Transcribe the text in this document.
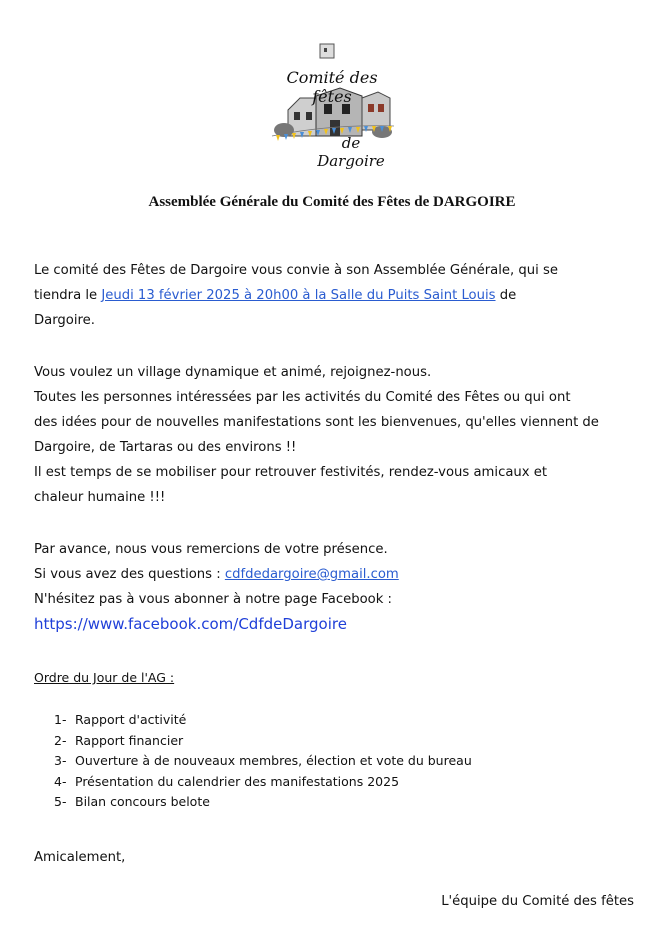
Comité des fêtes
de Dargoire
Assemblée Générale du Comité des Fêtes de DARGOIRE

Le comité des Fêtes de Dargoire vous convie à son Assemblée Générale, qui se
tiendra le Jeudi 13 février 2025 à 20h00 à la Salle du Puits Saint Louis de
Dargoire.

Vous voulez un village dynamique et animé, rejoignez-nous.
Toutes les personnes intéressées par les activités du Comité des Fêtes ou qui ont
des idées pour de nouvelles manifestations sont les bienvenues, qu'elles viennent de
Dargoire, de Tartaras ou des environs !!
Il est temps de se mobiliser pour retrouver festivités, rendez-vous amicaux et
chaleur humaine !!!

Par avance, nous vous remercions de votre présence.
Si vous avez des questions : cdfdedargoire@gmail.com
N'hésitez pas à vous abonner à notre page Facebook :
https://www.facebook.com/CdfdeDargoire

Ordre du Jour de l'AG :
1- Rapport d'activité
2- Rapport financier
3- Ouverture à de nouveaux membres, élection et vote du bureau
4- Présentation du calendrier des manifestations 2025
5- Bilan concours belote
Amicalement,
L'équipe du Comité des fêtes
